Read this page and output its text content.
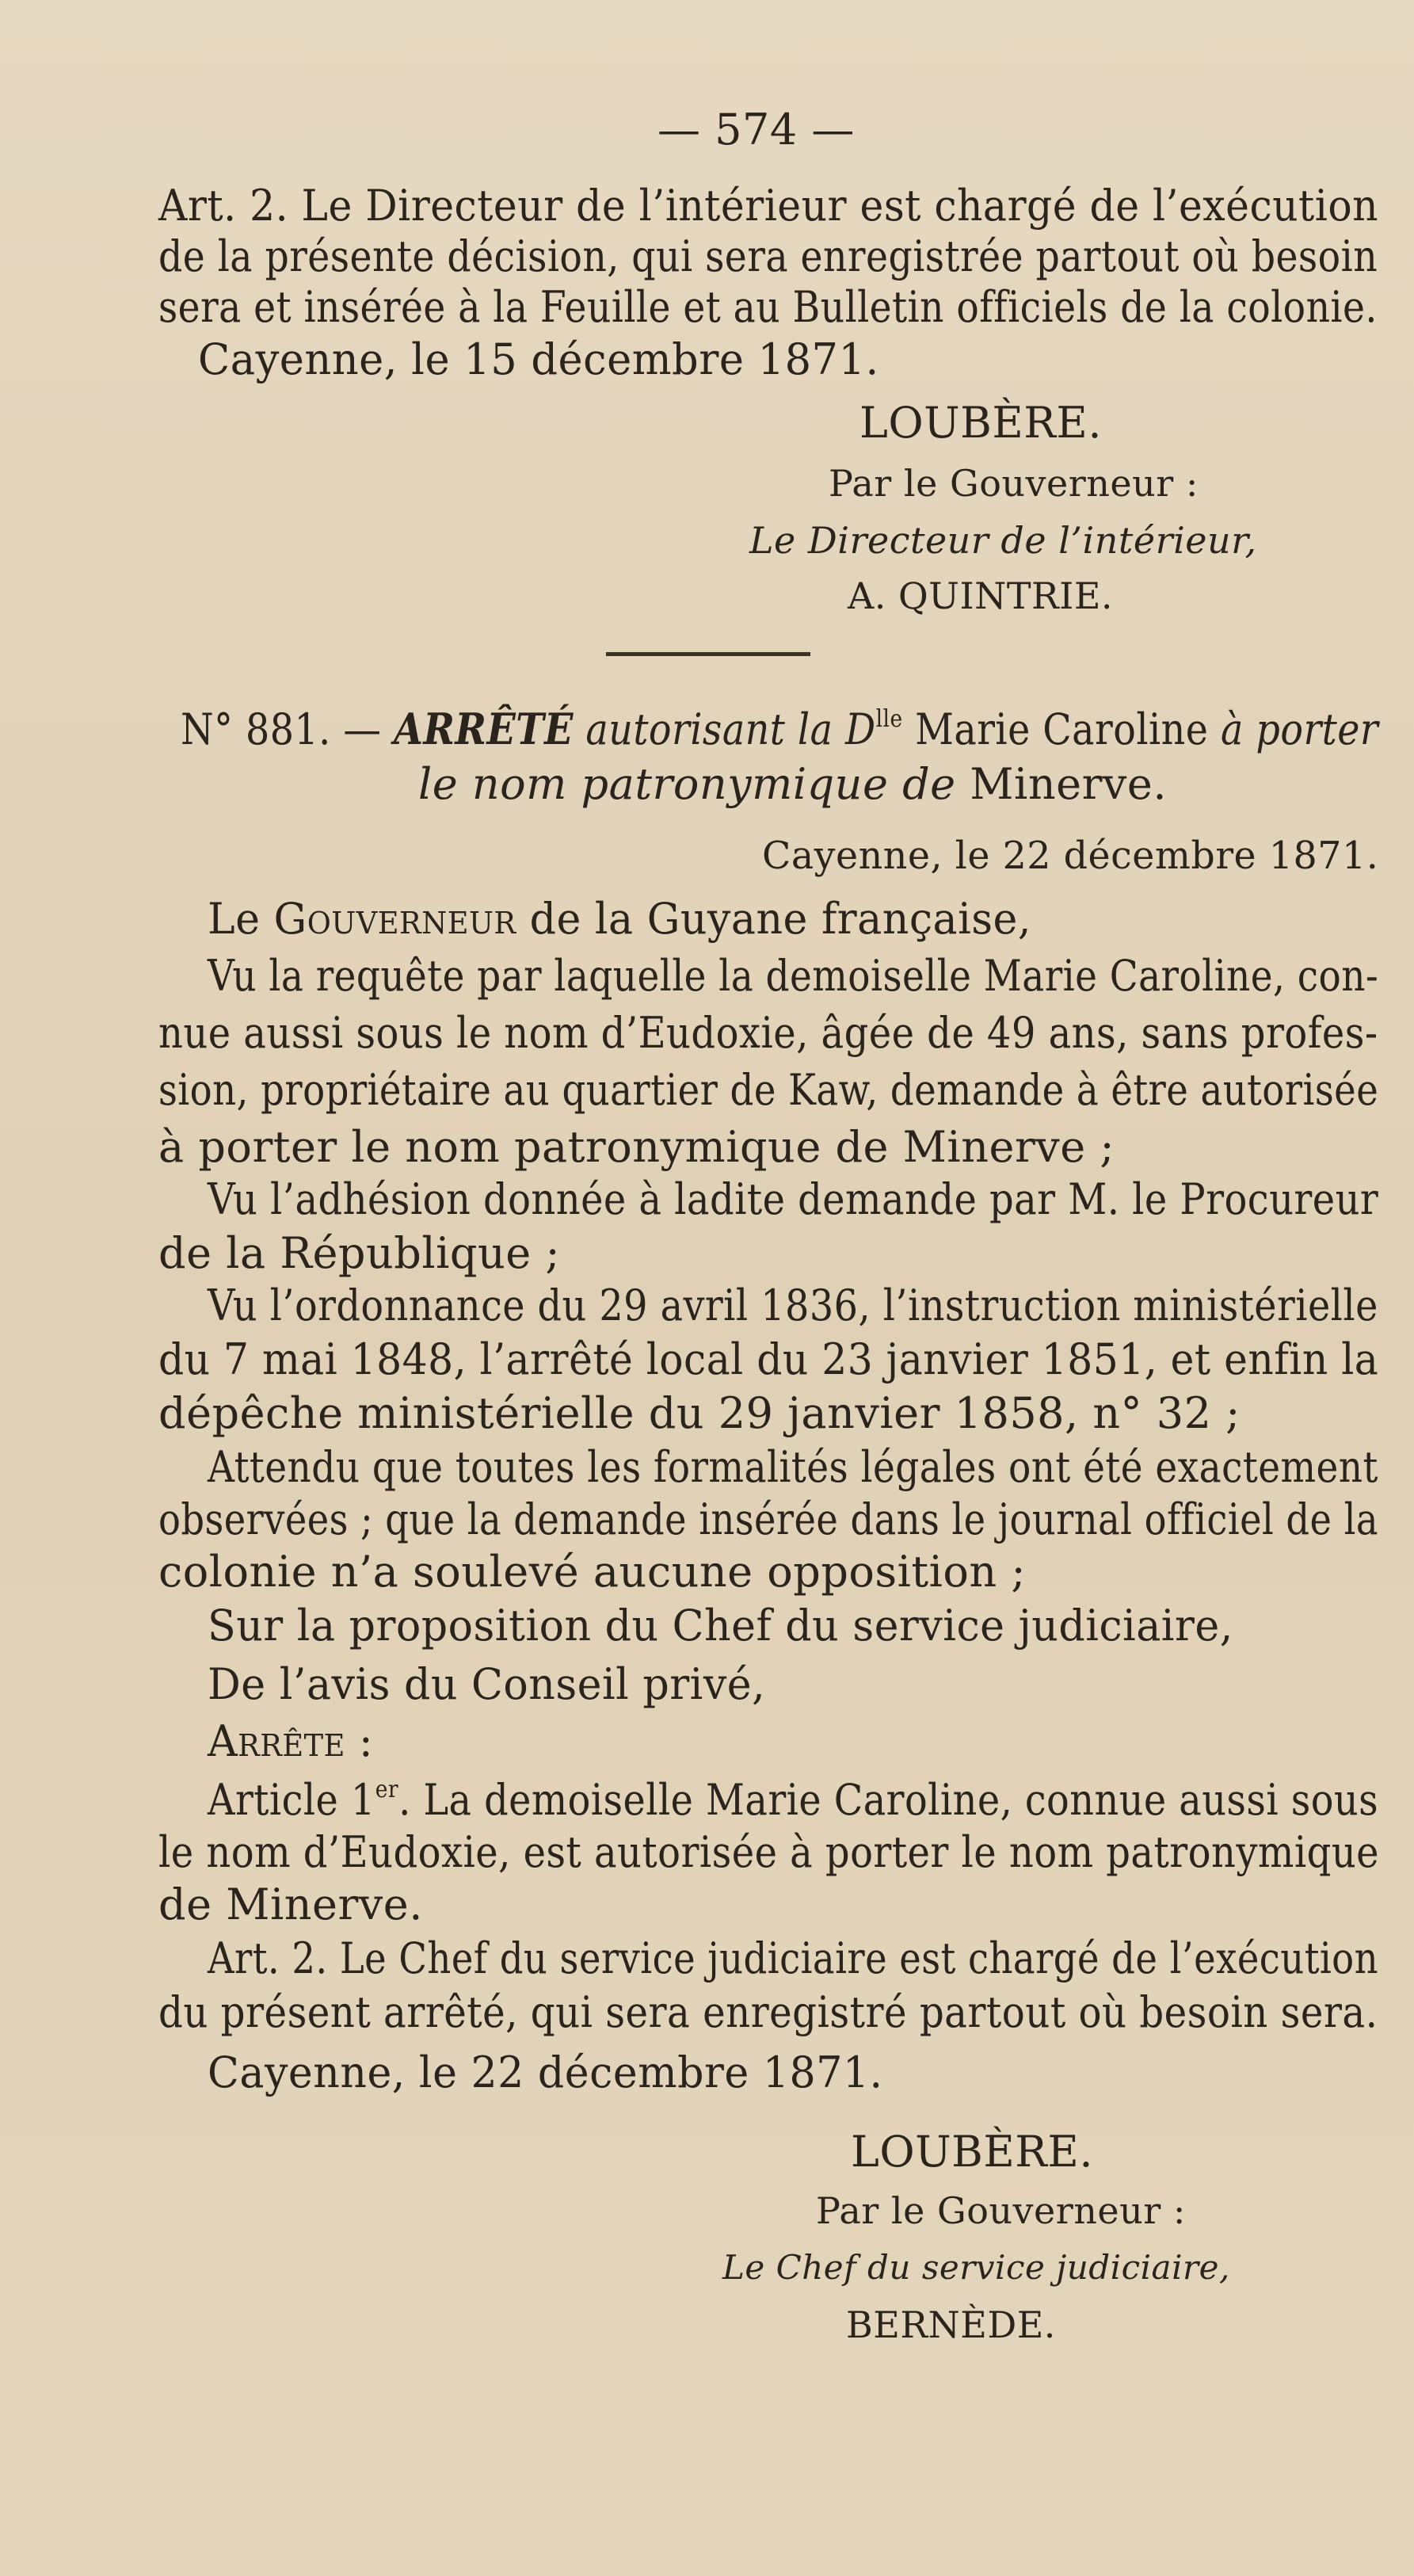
— 574 —
Art. 2. Le Directeur de l’intérieur est chargé de l’exécution
de la présente décision, qui sera enregistrée partout où besoin
sera et insérée à la Feuille et au Bulletin officiels de la colonie.
Cayenne, le 15 décembre 1871.
LOUBÈRE.
Par le Gouverneur :
Le Directeur de l’intérieur,
A. QUINTRIE.
N° 881. — ARRÊTÉ autorisant la $D^{lle}$ Marie Caroline à porter
le nom patronymique de Minerve.
Cayenne, le 22 décembre 1871.
Le Gouverneur de la Guyane française,
Vu la requête par laquelle la demoiselle Marie Caroline, con-
nue aussi sous le nom d’Eudoxie, âgée de 49 ans, sans profes-
sion, propriétaire au quartier de Kaw, demande à être autorisée
à porter le nom patronymique de Minerve ;
Vu l’adhésion donnée à ladite demande par M. le Procureur
de la République ;
Vu l’ordonnance du 29 avril 1836, l’instruction ministérielle
du 7 mai 1848, l’arrêté local du 23 janvier 1851, et enfin la
dépêche ministérielle du 29 janvier 1858, n° 32 ;
Attendu que toutes les formalités légales ont été exactement
observées ; que la demande insérée dans le journal officiel de la
colonie n’a soulevé aucune opposition ;
Sur la proposition du Chef du service judiciaire,
De l’avis du Conseil privé,
Arrête :
Article 1er. La demoiselle Marie Caroline, connue aussi sous
le nom d’Eudoxie, est autorisée à porter le nom patronymique
de Minerve.
Art. 2. Le Chef du service judiciaire est chargé de l’exécution
du présent arrêté, qui sera enregistré partout où besoin sera.
Cayenne, le 22 décembre 1871.
LOUBÈRE.
Par le Gouverneur :
Le Chef du service judiciaire,
BERNÈDE.
